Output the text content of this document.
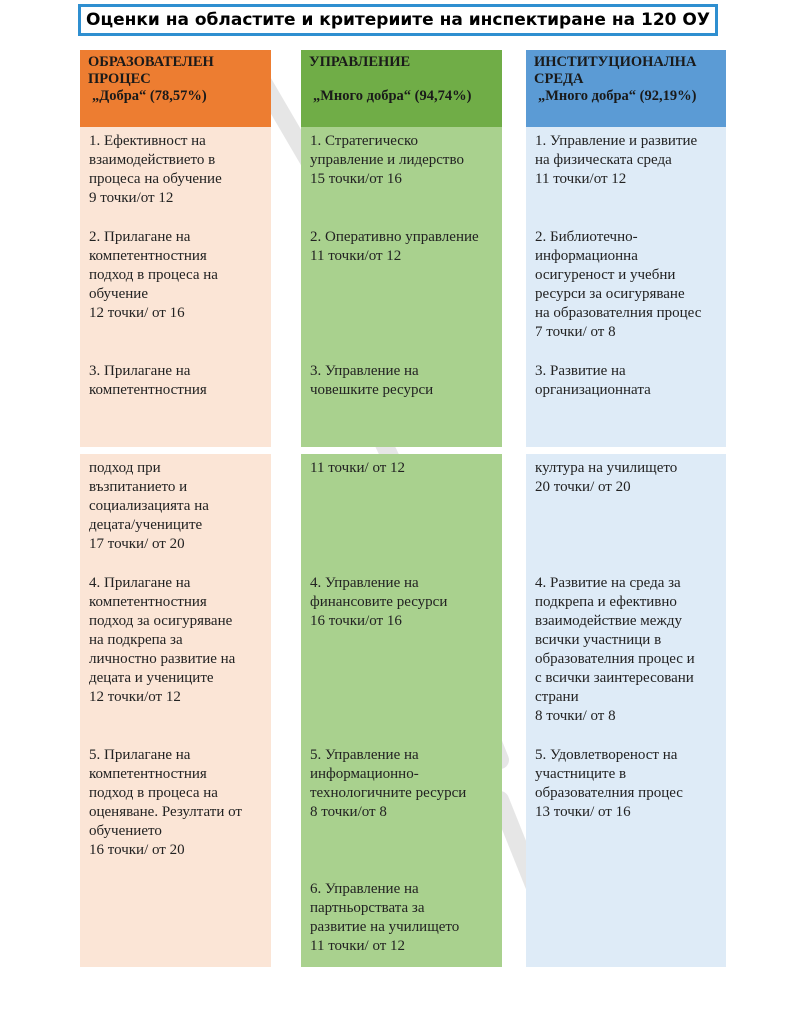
Оценки на областите и критериите на инспектиране на 120 ОУ
ОБРАЗОВАТЕЛЕН ПРОЦЕС
„Добра“ (78,57%)
1. Ефективност на
взаимодействието в
процеса на обучение
9 точки/от 12
2. Прилагане на
компетентностния
подход в процеса на
обучение
12 точки/ от 16
3. Прилагане на
компетентностния
подход при
възпитанието и
социализацията на
децата/учениците
17 точки/ от 20
4. Прилагане на
компетентностния
подход за осигуряване
на подкрепа за
личностно развитие на
децата и учениците
12 точки/от 12
5. Прилагане на
компетентностния
подход в процеса на
оценяване. Резултати от
обучението
16 точки/ от 20
УПРАВЛЕНИЕ
„Много добра“ (94,74%)
1. Стратегическо
управление и лидерство
15 точки/от 16
2. Оперативно управление
11 точки/от 12
3. Управление на
човешките ресурси
11 точки/ от 12
4. Управление на
финансовите ресурси
16 точки/от 16
5. Управление на
информационно-
технологичните ресурси
8 точки/от 8
6. Управление на
партньорствата за
развитие на училището
11 точки/ от 12
ИНСТИТУЦИОНАЛНА СРЕДА
„Много добра“ (92,19%)
1. Управление и развитие
на физическата среда
11 точки/от 12
2. Библиотечно-
информационна
осигуреност и учебни
ресурси за осигуряване
на образователния процес
7 точки/ от 8
3. Развитие на
организационната
култура на училището
20 точки/ от 20
4. Развитие на среда за
подкрепа и ефективно
взаимодействие между
всички участници в
образователния процес и
с всички заинтересовани
страни
8 точки/ от 8
5. Удовлетвореност на
участниците в
образователния процес
13 точки/ от 16
